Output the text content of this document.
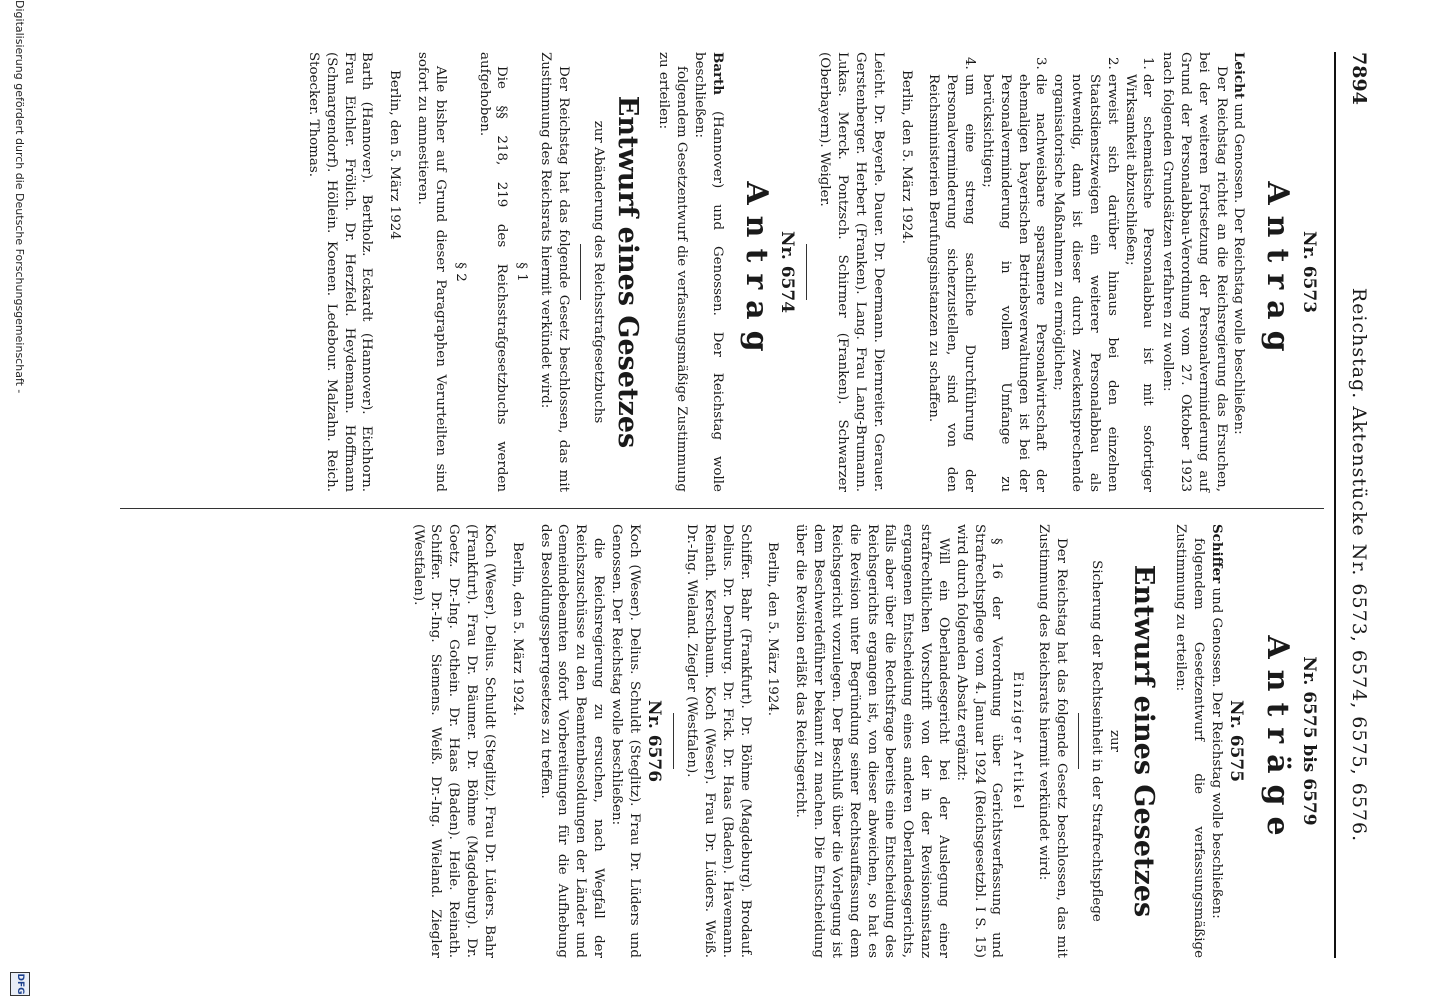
7894
Reichstag. Aktenstücke Nr. 6573, 6574, 6575, 6576.
Nr. 6573
Antrag

Leicht und Genossen. Der Reichstag wolle beschließen:

Der Reichstag richtet an die Reichsregierung das Ersuchen, bei der weiteren Fortsetzung der Personalverminderung auf Grund der Personalabbau-Verordnung vom 27. Oktober 1923 nach folgenden Grundsätzen verfahren zu wollen:

1. der schematische Personalabbau ist mit sofortiger Wirksamkeit abzuschließen;
2. erweist sich darüber hinaus bei den einzelnen Staatsdienstzweigen ein weiterer Personalabbau als notwendig, dann ist dieser durch zweckentsprechende organisatorische Maßnahmen zu ermöglichen;
3. die nachweisbare sparsamere Personalwirtschaft der ehemaligen bayerischen Betriebsverwaltungen ist bei der Personalverminderung in vollem Umfange zu berücksichtigen;
4. um eine streng sachliche Durchführung der Personalverminderung sicherzustellen, sind von den Reichsministerien Berufungsinstanzen zu schaffen.
Berlin, den 5. März 1924.

Leicht. Dr. Beyerle. Dauer. Dr. Deermann. Diernreiter. Gerauer. Gerstenberger. Herbert (Franken). Lang. Frau Lang-Brumann. Lukas. Merck. Pontzsch. Schirmer (Franken). Schwarzer (Oberbayern). Weigler.

Nr. 6574
Antrag

Barth (Hannover) und Genossen. Der Reichstag wolle beschließen:

folgendem Gesetzentwurf die verfassungsmäßige Zustimmung zu erteilen:

Entwurf eines Gesetzes
zur Abänderung des Reichsstrafgesetzbuchs

Der Reichstag hat das folgende Gesetz beschlossen, das mit Zustimmung des Reichsrats hiermit verkündet wird:

§ 1

Die §§ 218, 219 des Reichsstrafgesetzbuchs werden aufgehoben.

§ 2

Alle bisher auf Grund dieser Paragraphen Verurteilten sind sofort zu amnestieren.

Berlin, den 5. März 1924

Barth (Hannover). Bertholz. Eckardt (Hannover). Eichhorn. Frau Eichler. Frölich. Dr. Herzfeld. Heydemann. Hoffmann (Schmargendorf). Höllein. Koenen. Ledebour. Malzahn. Reich. Stoecker. Thomas.

Nr. 6575 bis 6579
Anträge
Nr. 6575

Schiffer und Genossen. Der Reichstag wolle beschließen:

folgendem Gesetzentwurf die verfassungsmäßige Zustimmung zu erteilen:

Entwurf eines Gesetzes
zur
Sicherung der Rechtseinheit in der Strafrechtspflege

Der Reichstag hat das folgende Gesetz beschlossen, das mit Zustimmung des Reichsrats hiermit verkündet wird:

Einziger Artikel

§ 16 der Verordnung über Gerichtsverfassung und Strafrechtspflege vom 4. Januar 1924 (Reichsgesetzbl. I S. 15) wird durch folgenden Absatz ergänzt:

Will ein Oberlandesgericht bei der Auslegung einer strafrechtlichen Vorschrift von der in der Revisionsinstanz ergangenen Entscheidung eines anderen Oberlandesgerichts, falls aber über die Rechtsfrage bereits eine Entscheidung des Reichsgerichts ergangen ist, von dieser abweichen, so hat es die Revision unter Begründung seiner Rechtsauffassung dem Reichsgericht vorzulegen. Der Beschluß über die Vorlegung ist dem Beschwerdeführer bekannt zu machen. Die Entscheidung über die Revision erläßt das Reichsgericht.

Berlin, den 5. März 1924.

Schiffer. Bahr (Frankfurt). Dr. Böhme (Magdeburg). Brodauf. Delius. Dr. Dernburg. Dr. Fick. Dr. Haas (Baden). Havemann. Reinath. Kerschbaum. Koch (Weser). Frau Dr. Lüders. Weiß. Dr.-Ing. Wieland. Ziegler (Westfalen).

Nr. 6576

Koch (Weser). Delius. Schuldt (Steglitz). Frau Dr. Lüders und Genossen. Der Reichstag wolle beschließen:

die Reichsregierung zu ersuchen, nach Wegfall der Reichszuschüsse zu den Beamtenbesoldungen der Länder und Gemeindebeamten sofort Vorbereitungen für die Aufhebung des Besoldungssperrgesetzes zu treffen.

Berlin, den 5. März 1924.

Koch (Weser). Delius. Schuldt (Steglitz). Frau Dr. Lüders. Bahr (Frankfurt). Frau Dr. Bäumer. Dr. Böhme (Magdeburg). Dr. Goetz. Dr.-Ing. Gothein. Dr. Haas (Baden). Heile. Reinath. Schiffer. Dr.-Ing. Siemens. Weiß. Dr.-Ing. Wieland. Ziegler (Westfalen).

Digitalisierung gefördert durch die Deutsche Forschungsgemeinschaft -
DFG
